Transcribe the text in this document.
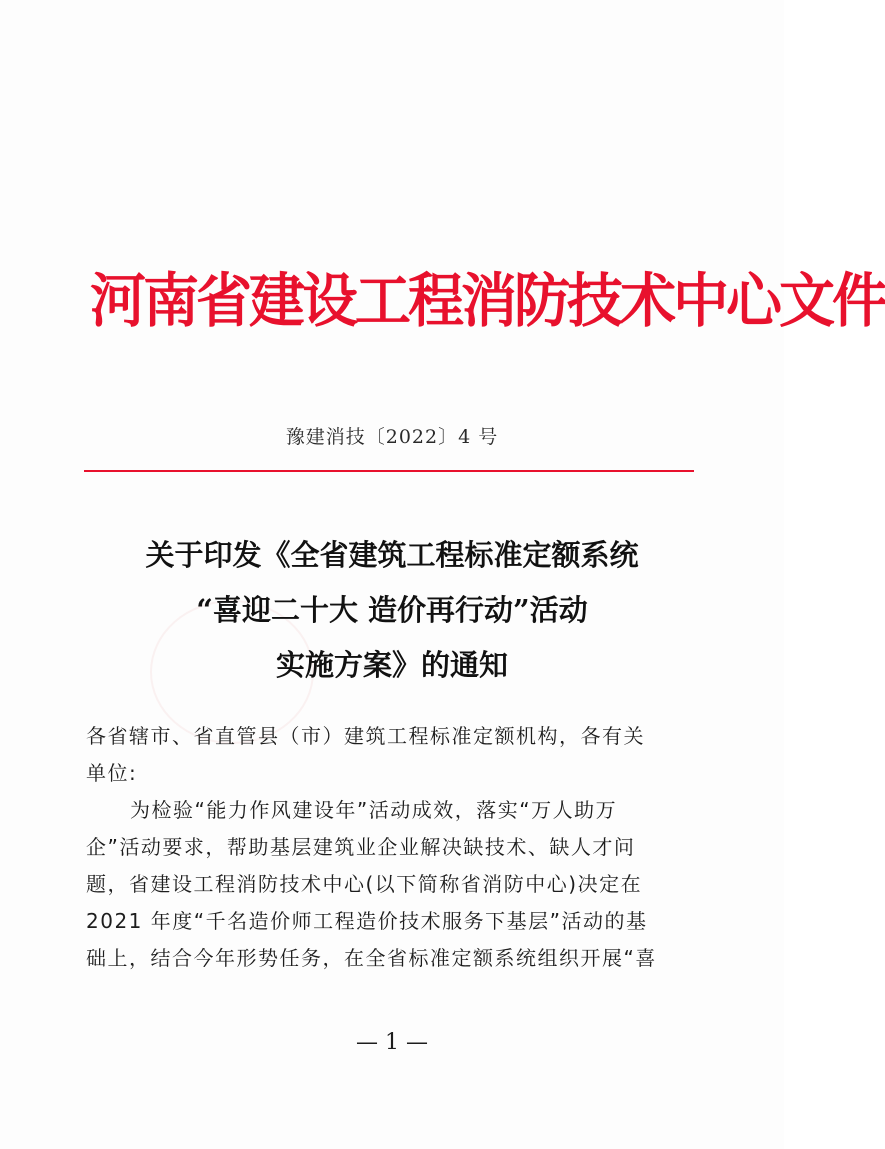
河南省建设工程消防技术中心文件
豫建消技〔2022〕4 号
关于印发《全省建筑工程标准定额系统
“喜迎二十大 造价再行动”活动
实施方案》的通知
各省辖市、省直管县（市）建筑工程标准定额机构，各有关
单位:
为检验“能力作风建设年”活动成效，落实“万人助万
企”活动要求，帮助基层建筑业企业解决缺技术、缺人才问
题，省建设工程消防技术中心(以下简称省消防中心)决定在
2021 年度“千名造价师工程造价技术服务下基层”活动的基
础上，结合今年形势任务，在全省标准定额系统组织开展“喜
— 1 —
